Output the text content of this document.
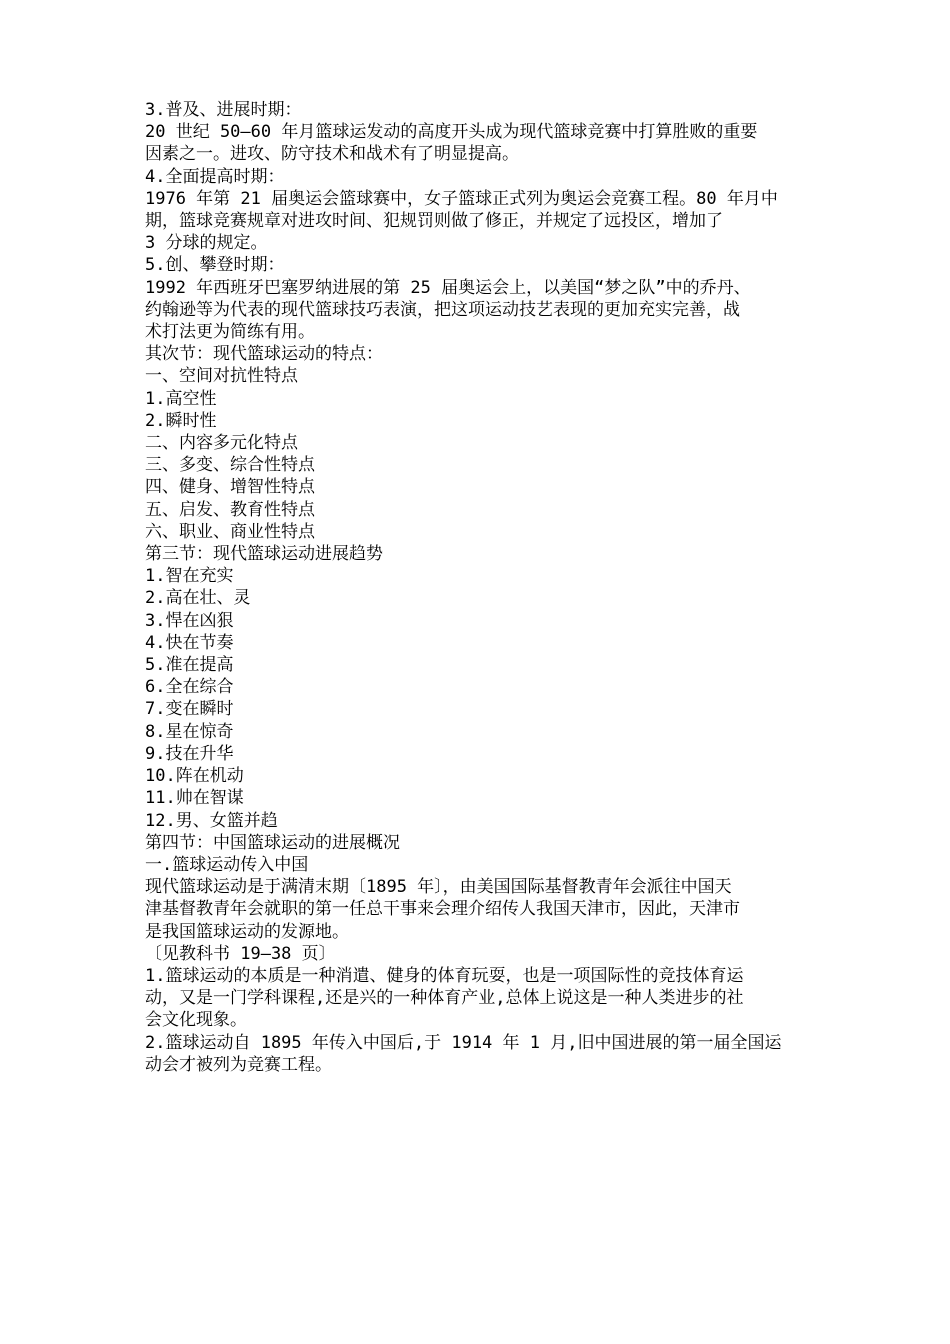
3.普及、进展时期：

20 世纪 50—60 年月篮球运发动的高度开头成为现代篮球竞赛中打算胜败的重要

因素之一。进攻、防守技术和战术有了明显提高。

4.全面提高时期：

1976 年第 21 届奥运会篮球赛中，女子篮球正式列为奥运会竞赛工程。80 年月中

期，篮球竞赛规章对进攻时间、犯规罚则做了修正，并规定了远投区，增加了

3 分球的规定。

5.创、攀登时期：

1992 年西班牙巴塞罗纳进展的第 25 届奥运会上，以美国“梦之队”中的乔丹、

约翰逊等为代表的现代篮球技巧表演，把这项运动技艺表现的更加充实完善，战

术打法更为简练有用。

其次节：现代篮球运动的特点：

一、空间对抗性特点

1.高空性

2.瞬时性

二、内容多元化特点

三、多变、综合性特点

四、健身、增智性特点

五、启发、教育性特点

六、职业、商业性特点

第三节：现代篮球运动进展趋势

1.智在充实

2.高在壮、灵

3.悍在凶狠

4.快在节奏

5.准在提高

6.全在综合

7.变在瞬时

8.星在惊奇

9.技在升华

10.阵在机动

11.帅在智谋

12.男、女篮并趋

第四节：中国篮球运动的进展概况

一.篮球运动传入中国

现代篮球运动是于满清末期〔1895 年〕，由美国国际基督教青年会派往中国天

津基督教青年会就职的第一任总干事来会理介绍传人我国天津市，因此，天津市

是我国篮球运动的发源地。

〔见教科书 19—38 页〕

1.篮球运动的本质是一种消遣、健身的体育玩耍，也是一项国际性的竞技体育运

动，又是一门学科课程,还是兴的一种体育产业,总体上说这是一种人类进步的社

会文化现象。

2.篮球运动自 1895 年传入中国后,于 1914 年 1 月,旧中国进展的第一届全国运

动会才被列为竞赛工程。
